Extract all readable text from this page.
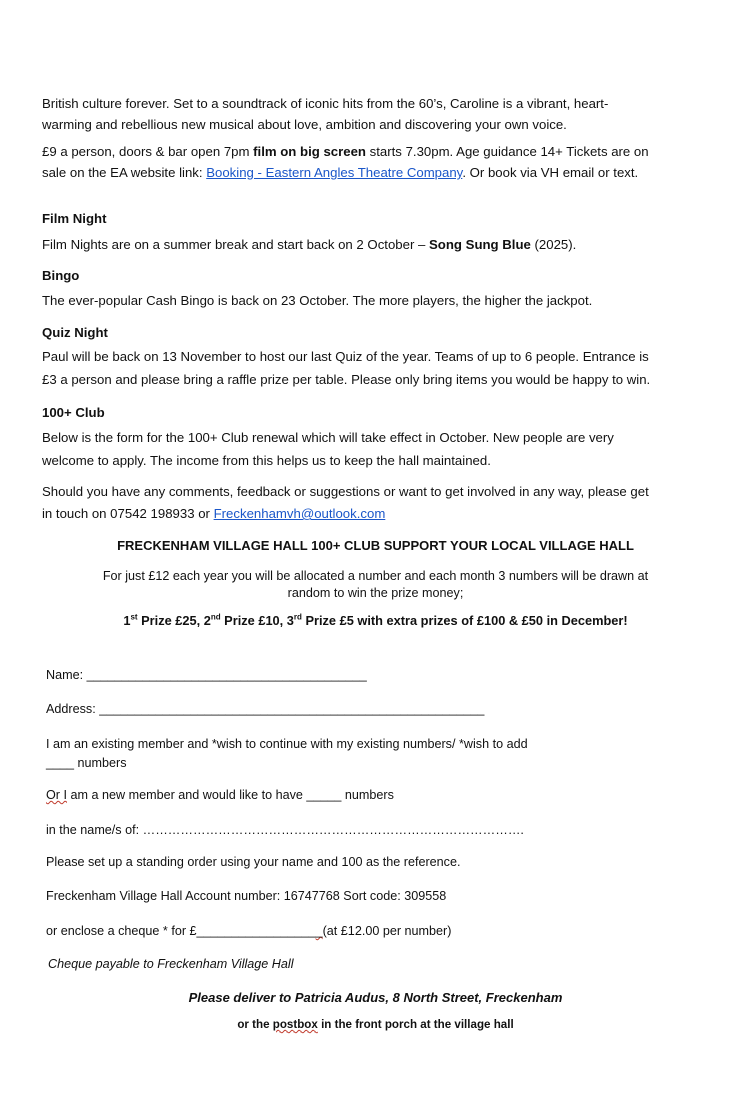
British culture forever. Set to a soundtrack of iconic hits from the 60’s, Caroline is a vibrant, heart-
warming and rebellious new musical about love, ambition and discovering your own voice.
£9 a person, doors & bar open 7pm film on big screen starts 7.30pm. Age guidance 14+ Tickets are on
sale on the EA website link: Booking - Eastern Angles Theatre Company. Or book via VH email or text.
Film Night
Film Nights are on a summer break and start back on 2 October – Song Sung Blue (2025).
Bingo
The ever-popular Cash Bingo is back on 23 October. The more players, the higher the jackpot.
Quiz Night
Paul will be back on 13 November to host our last Quiz of the year. Teams of up to 6 people. Entrance is
£3 a person and please bring a raffle prize per table. Please only bring items you would be happy to win.
100+ Club
Below is the form for the 100+ Club renewal which will take effect in October. New people are very
welcome to apply. The income from this helps us to keep the hall maintained.
Should you have any comments, feedback or suggestions or want to get involved in any way, please get
in touch on 07542 198933 or Freckenhamvh@outlook.com
FRECKENHAM VILLAGE HALL 100+ CLUB SUPPORT YOUR LOCAL VILLAGE HALL
For just £12 each year you will be allocated a number and each month 3 numbers will be drawn at
random to win the prize money;
1st Prize £25, 2nd Prize £10, 3rd Prize £5 with extra prizes of £100 & £50 in December!
Name: ________________________________________
Address: _______________________________________________________
I am an existing member and *wish to continue with my existing numbers/ *wish to add
____ numbers
Or I am a new member and would like to have _____ numbers
in the name/s of: ……………………………………………………………………………….
Please set up a standing order using your name and 100 as the reference.
Freckenham Village Hall Account number: 16747768 Sort code: 309558
or enclose a cheque * for £__________________(at £12.00 per number)
Cheque payable to Freckenham Village Hall
Please deliver to Patricia Audus, 8 North Street, Freckenham
or the postbox in the front porch at the village hall
